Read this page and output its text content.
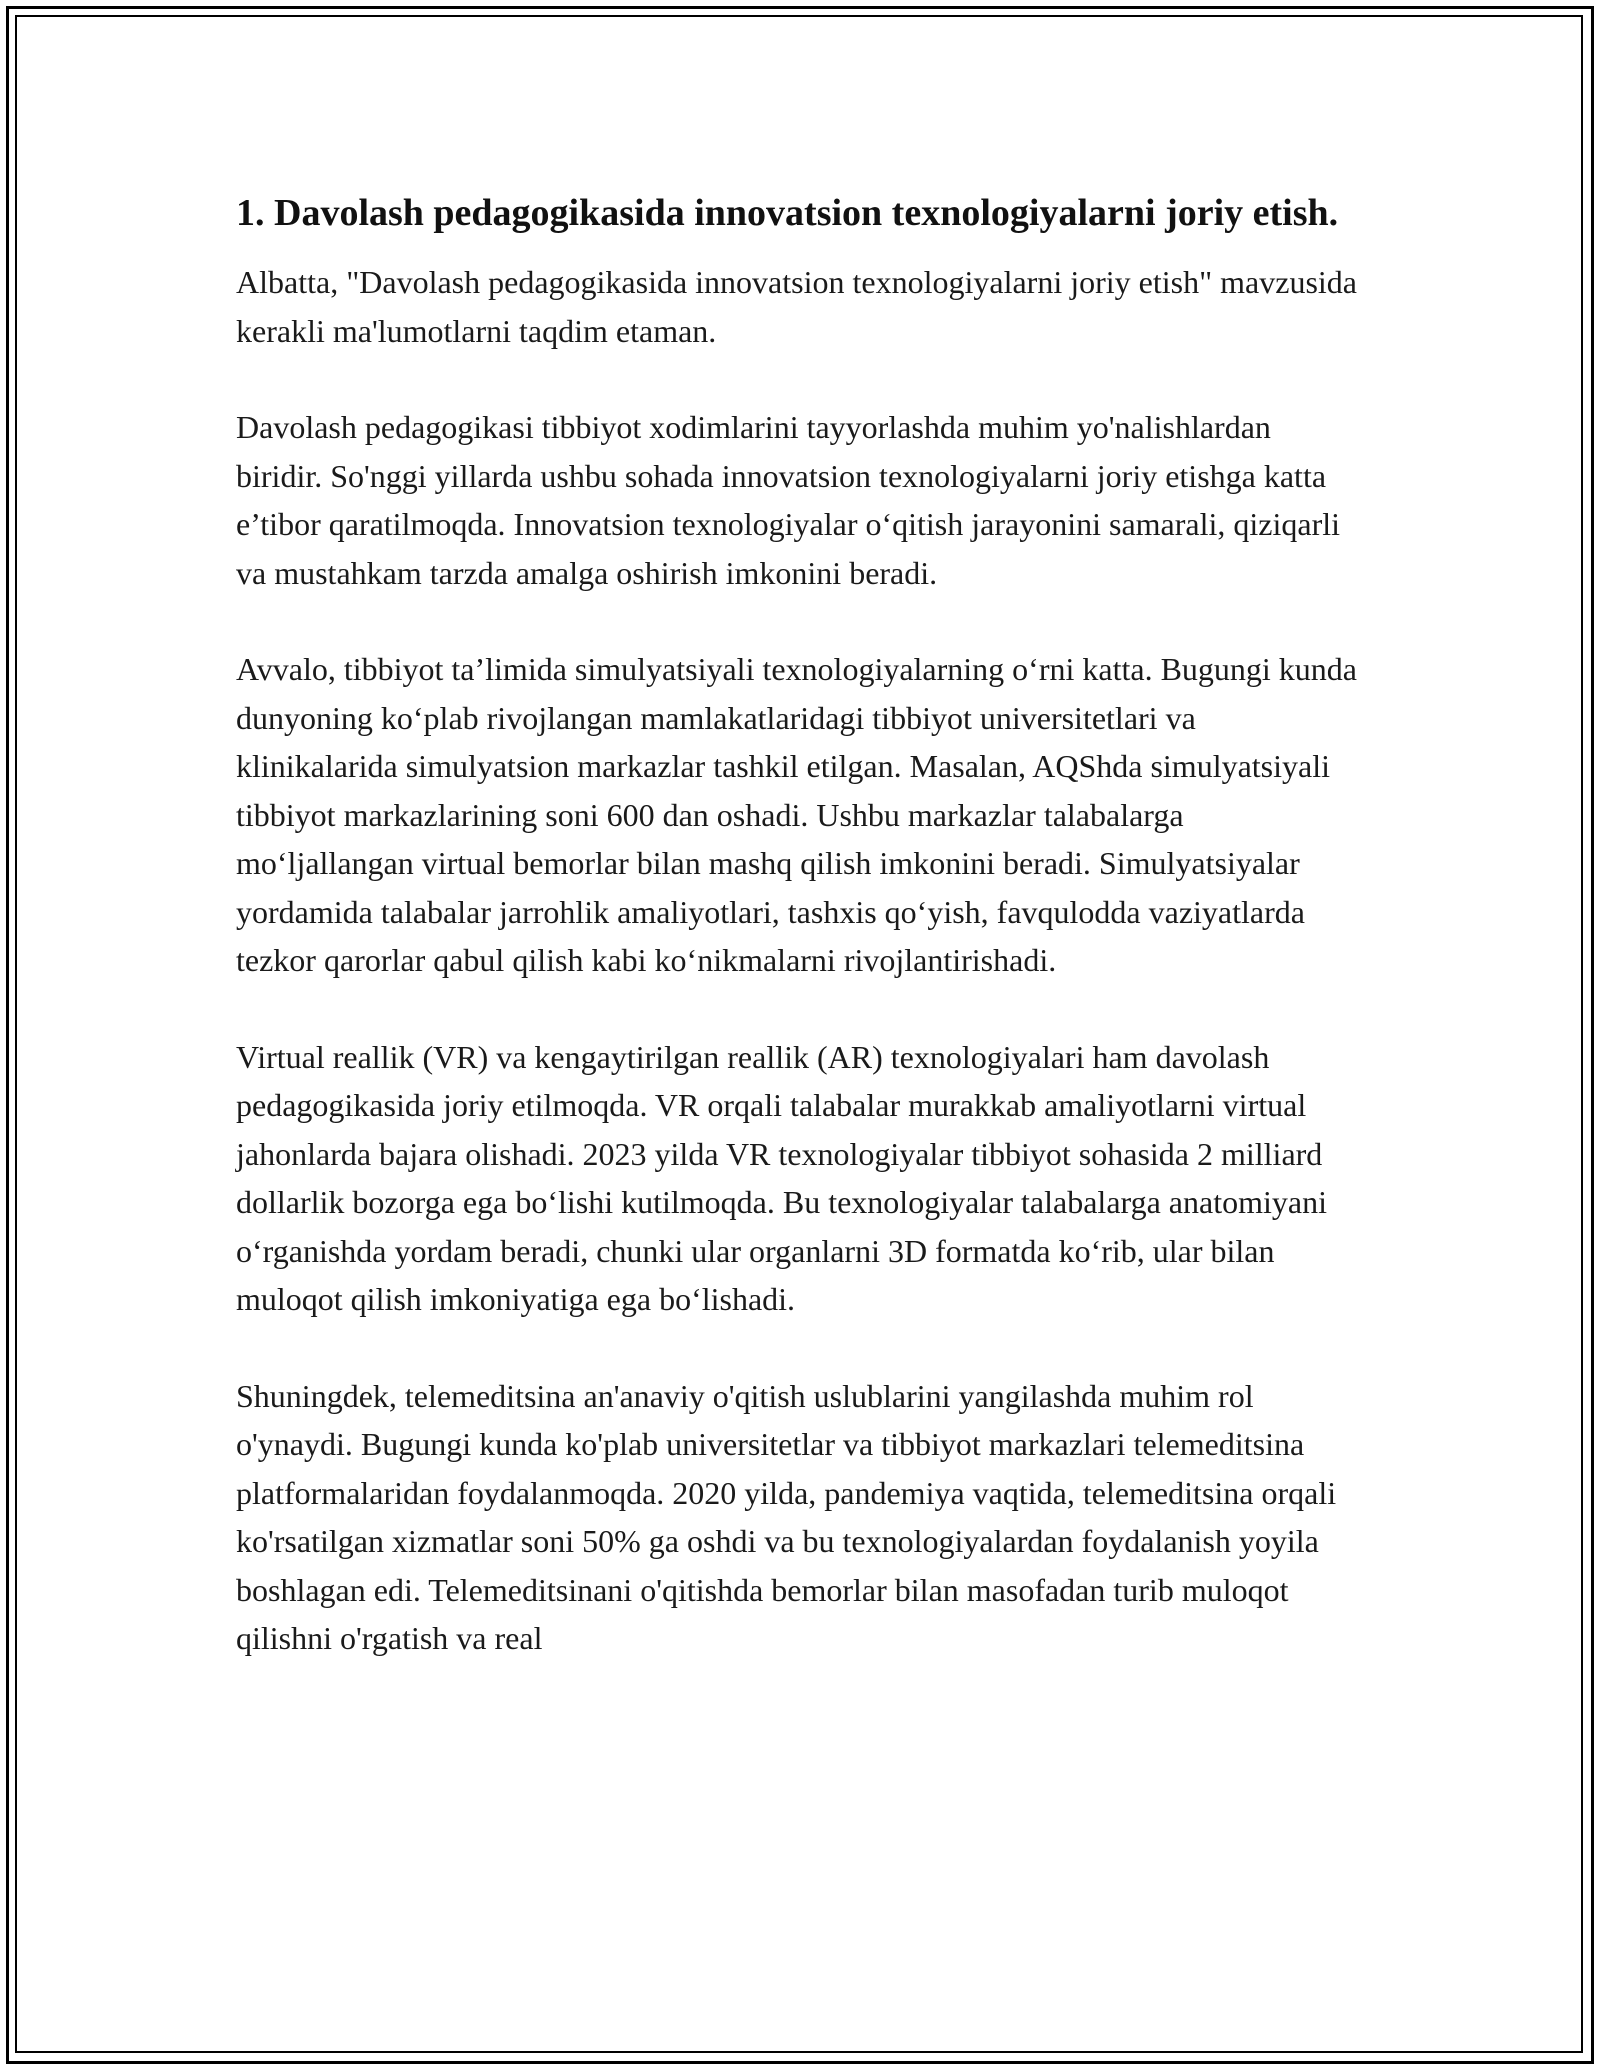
1. Davolash pedagogikasida innovatsion texnologiyalarni joriy etish.

Albatta, "Davolash pedagogikasida innovatsion texnologiyalarni joriy etish" mavzusida kerakli ma'lumotlarni taqdim etaman.

Davolash pedagogikasi tibbiyot xodimlarini tayyorlashda muhim yo'nalishlardan biridir. So'nggi yillarda ushbu sohada innovatsion texnologiyalarni joriy etishga katta e’tibor qaratilmoqda. Innovatsion texnologiyalar o‘qitish jarayonini samarali, qiziqarli va mustahkam tarzda amalga oshirish imkonini beradi.

Avvalo, tibbiyot ta’limida simulyatsiyali texnologiyalarning o‘rni katta. Bugungi kunda dunyoning ko‘plab rivojlangan mamlakatlaridagi tibbiyot universitetlari va klinikalarida simulyatsion markazlar tashkil etilgan. Masalan, AQShda simulyatsiyali tibbiyot markazlarining soni 600 dan oshadi. Ushbu markazlar talabalarga mo‘ljallangan virtual bemorlar bilan mashq qilish imkonini beradi. Simulyatsiyalar yordamida talabalar jarrohlik amaliyotlari, tashxis qo‘yish, favqulodda vaziyatlarda tezkor qarorlar qabul qilish kabi ko‘nikmalarni rivojlantirishadi.

Virtual reallik (VR) va kengaytirilgan reallik (AR) texnologiyalari ham davolash pedagogikasida joriy etilmoqda. VR orqali talabalar murakkab amaliyotlarni virtual jahonlarda bajara olishadi. 2023 yilda VR texnologiyalar tibbiyot sohasida 2 milliard dollarlik bozorga ega bo‘lishi kutilmoqda. Bu texnologiyalar talabalarga anatomiyani o‘rganishda yordam beradi, chunki ular organlarni 3D formatda ko‘rib, ular bilan muloqot qilish imkoniyatiga ega bo‘lishadi.

Shuningdek, telemeditsina an'anaviy o'qitish uslublarini yangilashda muhim rol o'ynaydi. Bugungi kunda ko'plab universitetlar va tibbiyot markazlari telemeditsina platformalaridan foydalanmoqda. 2020 yilda, pandemiya vaqtida, telemeditsina orqali ko'rsatilgan xizmatlar soni 50% ga oshdi va bu texnologiyalardan foydalanish yoyila boshlagan edi. Telemeditsinani o'qitishda bemorlar bilan masofadan turib muloqot qilishni o'rgatish va real
